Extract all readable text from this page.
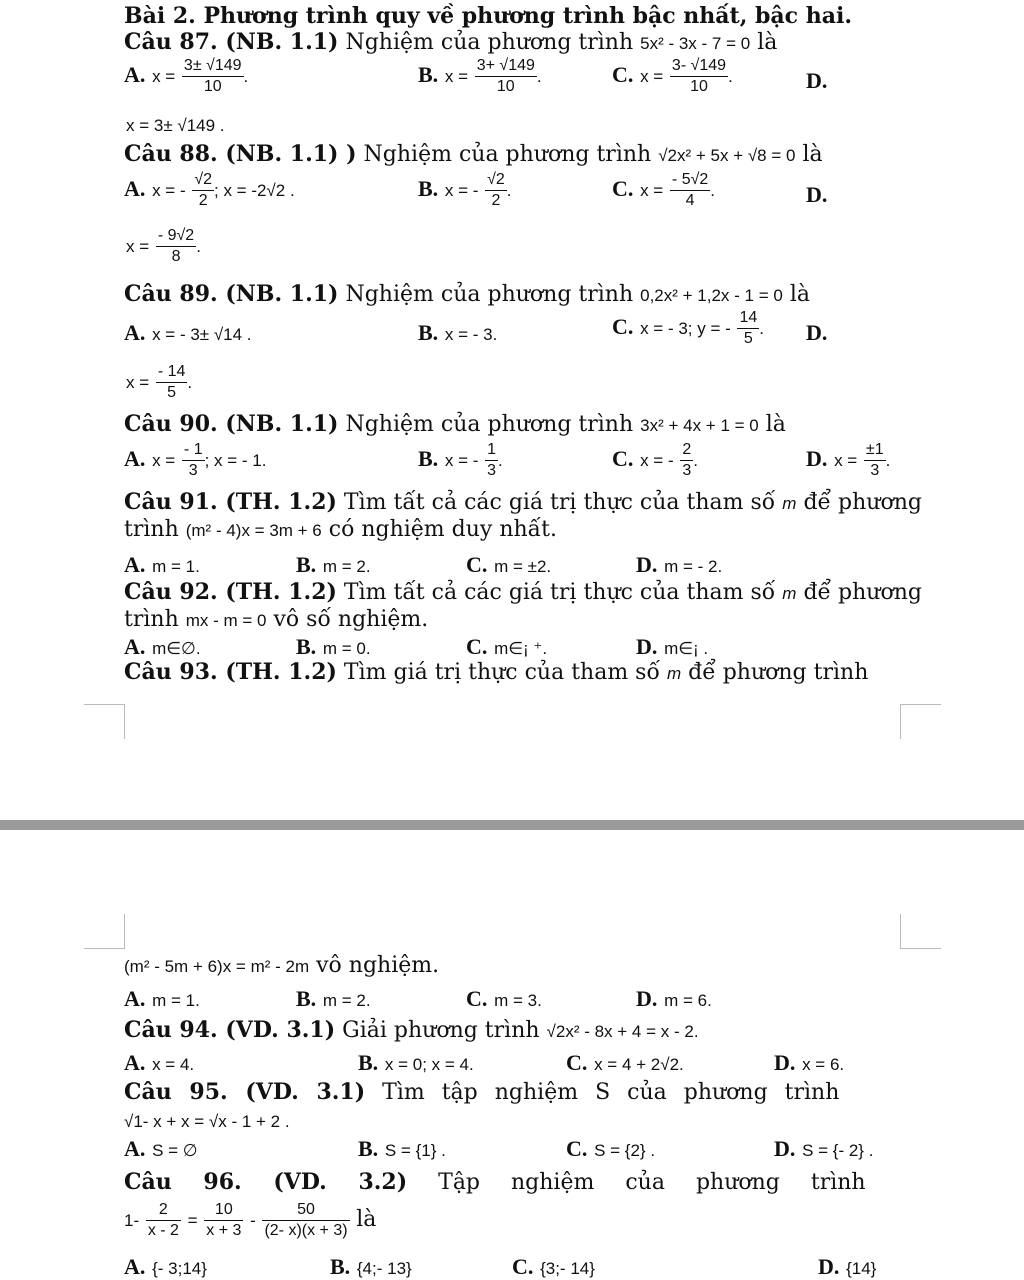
Bài 2. Phương trình quy về phương trình bậc nhất, bậc hai.
Câu 87. (NB. 1.1) Nghiệm của phương trình 5x² - 3x - 7 = 0 là
A. $x = \frac{3\pm √149}{10}$ .	B. $x = \frac{3+ √149}{10}$ .	C. $x = \frac{3- √149}{10}$ .	D.
x = 3± √149 .
Câu 88. (NB. 1.1) ) Nghiệm của phương trình √2x² + 5x + √8 = 0 là
A. x = - $\frac{√2}{2}$ ; x = -2√2 .	B. x = - $\frac{√2}{2}$ .	C. $x = \frac{- 5√2}{4}$ .	D.
$x = \frac{- 9√2}{8}$ .
Câu 89. (NB. 1.1) Nghiệm của phương trình 0,2x² + 1,2x - 1 = 0 là
A. x = - 3± √14 .	B. x = - 3.	C. x = - 3; y = - $\frac{14}{5}$ . D.
$x = \frac{- 14}{5}$ .
Câu 90. (NB. 1.1) Nghiệm của phương trình 3x² + 4x + 1 = 0 là
A. $x = \frac{- 1}{3}$ ; x = - 1.	B. x = - $\frac{1}{3}$ .	C. x = - $\frac{2}{3}$ .	D. $x = \frac{\pm 1}{3}$ .
Câu 91. (TH. 1.2) Tìm tất cả các giá trị thực của tham số m để phương
trình (m² - 4)x = 3m + 6 có nghiệm duy nhất.
A. m = 1.	B. m = 2.	C. m = ±2.	D. m = - 2.
Câu 92. (TH. 1.2) Tìm tất cả các giá trị thực của tham số m để phương
trình mx - m = 0 vô số nghiệm.
A. m∈∅.	B. m = 0.	C. m∈¡ ⁺.	D. m∈¡ .
Câu 93. (TH. 1.2) Tìm giá trị thực của tham số m để phương trình
(m² - 5m + 6)x = m² - 2m vô nghiệm.
A. m = 1.	B. m = 2.	C. m = 3.	D. m = 6.
Câu 94. (VD. 3.1) Giải phương trình √2x² - 8x + 4 = x - 2.
A. x = 4.	B. x = 0; x = 4.	C. x = 4 + 2√2.	D. x = 6.
Câu 95. (VD. 3.1) Tìm tập nghiệm S của phương trình
√1- x + x = √x - 1 + 2 .
A. S = ∅	B. S = {1} .	C. S = {2} .	D. S = {- 2} .
Câu 96. (VD. 3.2) Tập nghiệm của phương trình
$1- \frac{2}{x - 2} = \frac{10}{x + 3} - \frac{50}{(2- x)(x + 3)}$ là
A. {- 3;14}	B. {4;- 13}	C. {3;- 14}	D. {14}
